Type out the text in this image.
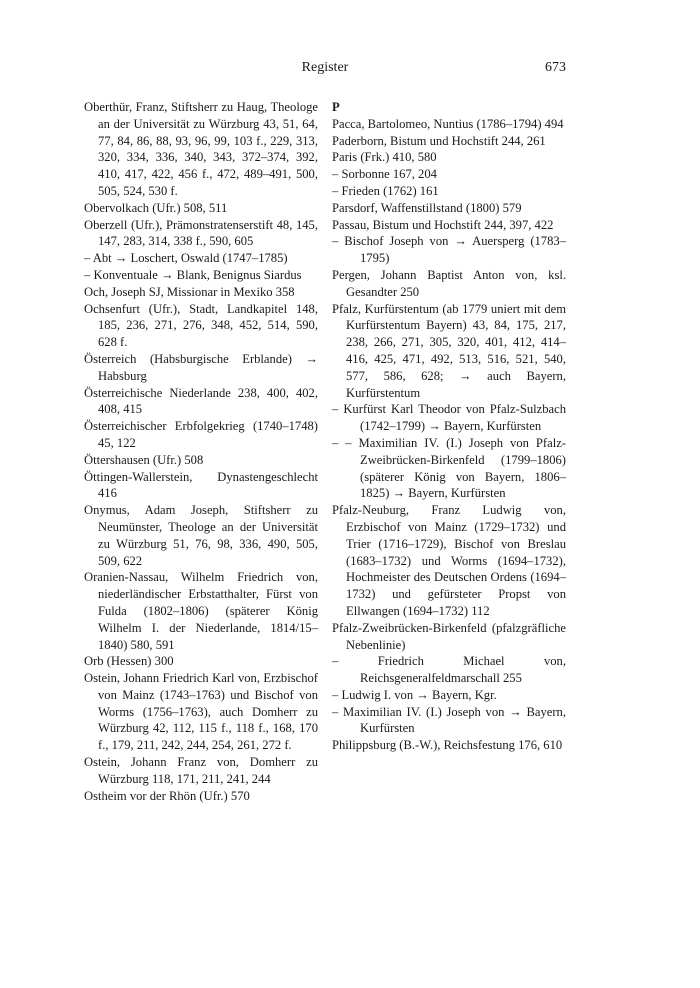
Register	673

Oberthür, Franz, Stiftsherr zu Haug, Theologe an der Universität zu Würzburg 43, 51, 64, 77, 84, 86, 88, 93, 96, 99, 103 f., 229, 313, 320, 334, 336, 340, 343, 372–374, 392, 410, 417, 422, 456 f., 472, 489–491, 500, 505, 524, 530 f.

Obervolkach (Ufr.) 508, 511

Oberzell (Ufr.), Prämonstratenserstift 48, 145, 147, 283, 314, 338 f., 590, 605

– Abt → Loschert, Oswald (1747–1785)

– Konventuale → Blank, Benignus Siardus

Och, Joseph SJ, Missionar in Mexiko 358

Ochsenfurt (Ufr.), Stadt, Landkapitel 148, 185, 236, 271, 276, 348, 452, 514, 590, 628 f.

Österreich (Habsburgische Erblande) → Habsburg

Österreichische Niederlande 238, 400, 402, 408, 415

Österreichischer Erbfolgekrieg (1740–1748) 45, 122

Öttershausen (Ufr.) 508

Öttingen-Wallerstein, Dynastengeschlecht 416

Onymus, Adam Joseph, Stiftsherr zu Neumünster, Theologe an der Universität zu Würzburg 51, 76, 98, 336, 490, 505, 509, 622

Oranien-Nassau, Wilhelm Friedrich von, niederländischer Erbstatthalter, Fürst von Fulda (1802–1806) (späterer König Wilhelm I. der Niederlande, 1814/15–1840) 580, 591

Orb (Hessen) 300

Ostein, Johann Friedrich Karl von, Erzbischof von Mainz (1743–1763) und Bischof von Worms (1756–1763), auch Domherr zu Würzburg 42, 112, 115 f., 118 f., 168, 170 f., 179, 211, 242, 244, 254, 261, 272 f.

Ostein, Johann Franz von, Domherr zu Würzburg 118, 171, 211, 241, 244

Ostheim vor der Rhön (Ufr.) 570

P

Pacca, Bartolomeo, Nuntius (1786–1794) 494

Paderborn, Bistum und Hochstift 244, 261

Paris (Frk.) 410, 580

– Sorbonne 167, 204

– Frieden (1762) 161

Parsdorf, Waffenstillstand (1800) 579

Passau, Bistum und Hochstift 244, 397, 422

– Bischof Joseph von → Auersperg (1783–1795)

Pergen, Johann Baptist Anton von, ksl. Gesandter 250

Pfalz, Kurfürstentum (ab 1779 uniert mit dem Kurfürstentum Bayern) 43, 84, 175, 217, 238, 266, 271, 305, 320, 401, 412, 414–416, 425, 471, 492, 513, 516, 521, 540, 577, 586, 628; → auch Bayern, Kurfürstentum

– Kurfürst Karl Theodor von Pfalz-Sulzbach (1742–1799) → Bayern, Kurfürsten

– – Maximilian IV. (I.) Joseph von Pfalz-Zweibrücken-Birkenfeld (1799–1806) (späterer König von Bayern, 1806–1825) → Bayern, Kurfürsten

Pfalz-Neuburg, Franz Ludwig von, Erzbischof von Mainz (1729–1732) und Trier (1716–1729), Bischof von Breslau (1683–1732) und Worms (1694–1732), Hochmeister des Deutschen Ordens (1694–1732) und gefürsteter Propst von Ellwangen (1694–1732) 112

Pfalz-Zweibrücken-Birkenfeld (pfalzgräfliche Nebenlinie)

– Friedrich Michael von, Reichsgeneralfeldmarschall 255

– Ludwig I. von → Bayern, Kgr.

– Maximilian IV. (I.) Joseph von → Bayern, Kurfürsten

Philippsburg (B.-W.), Reichsfestung 176, 610
